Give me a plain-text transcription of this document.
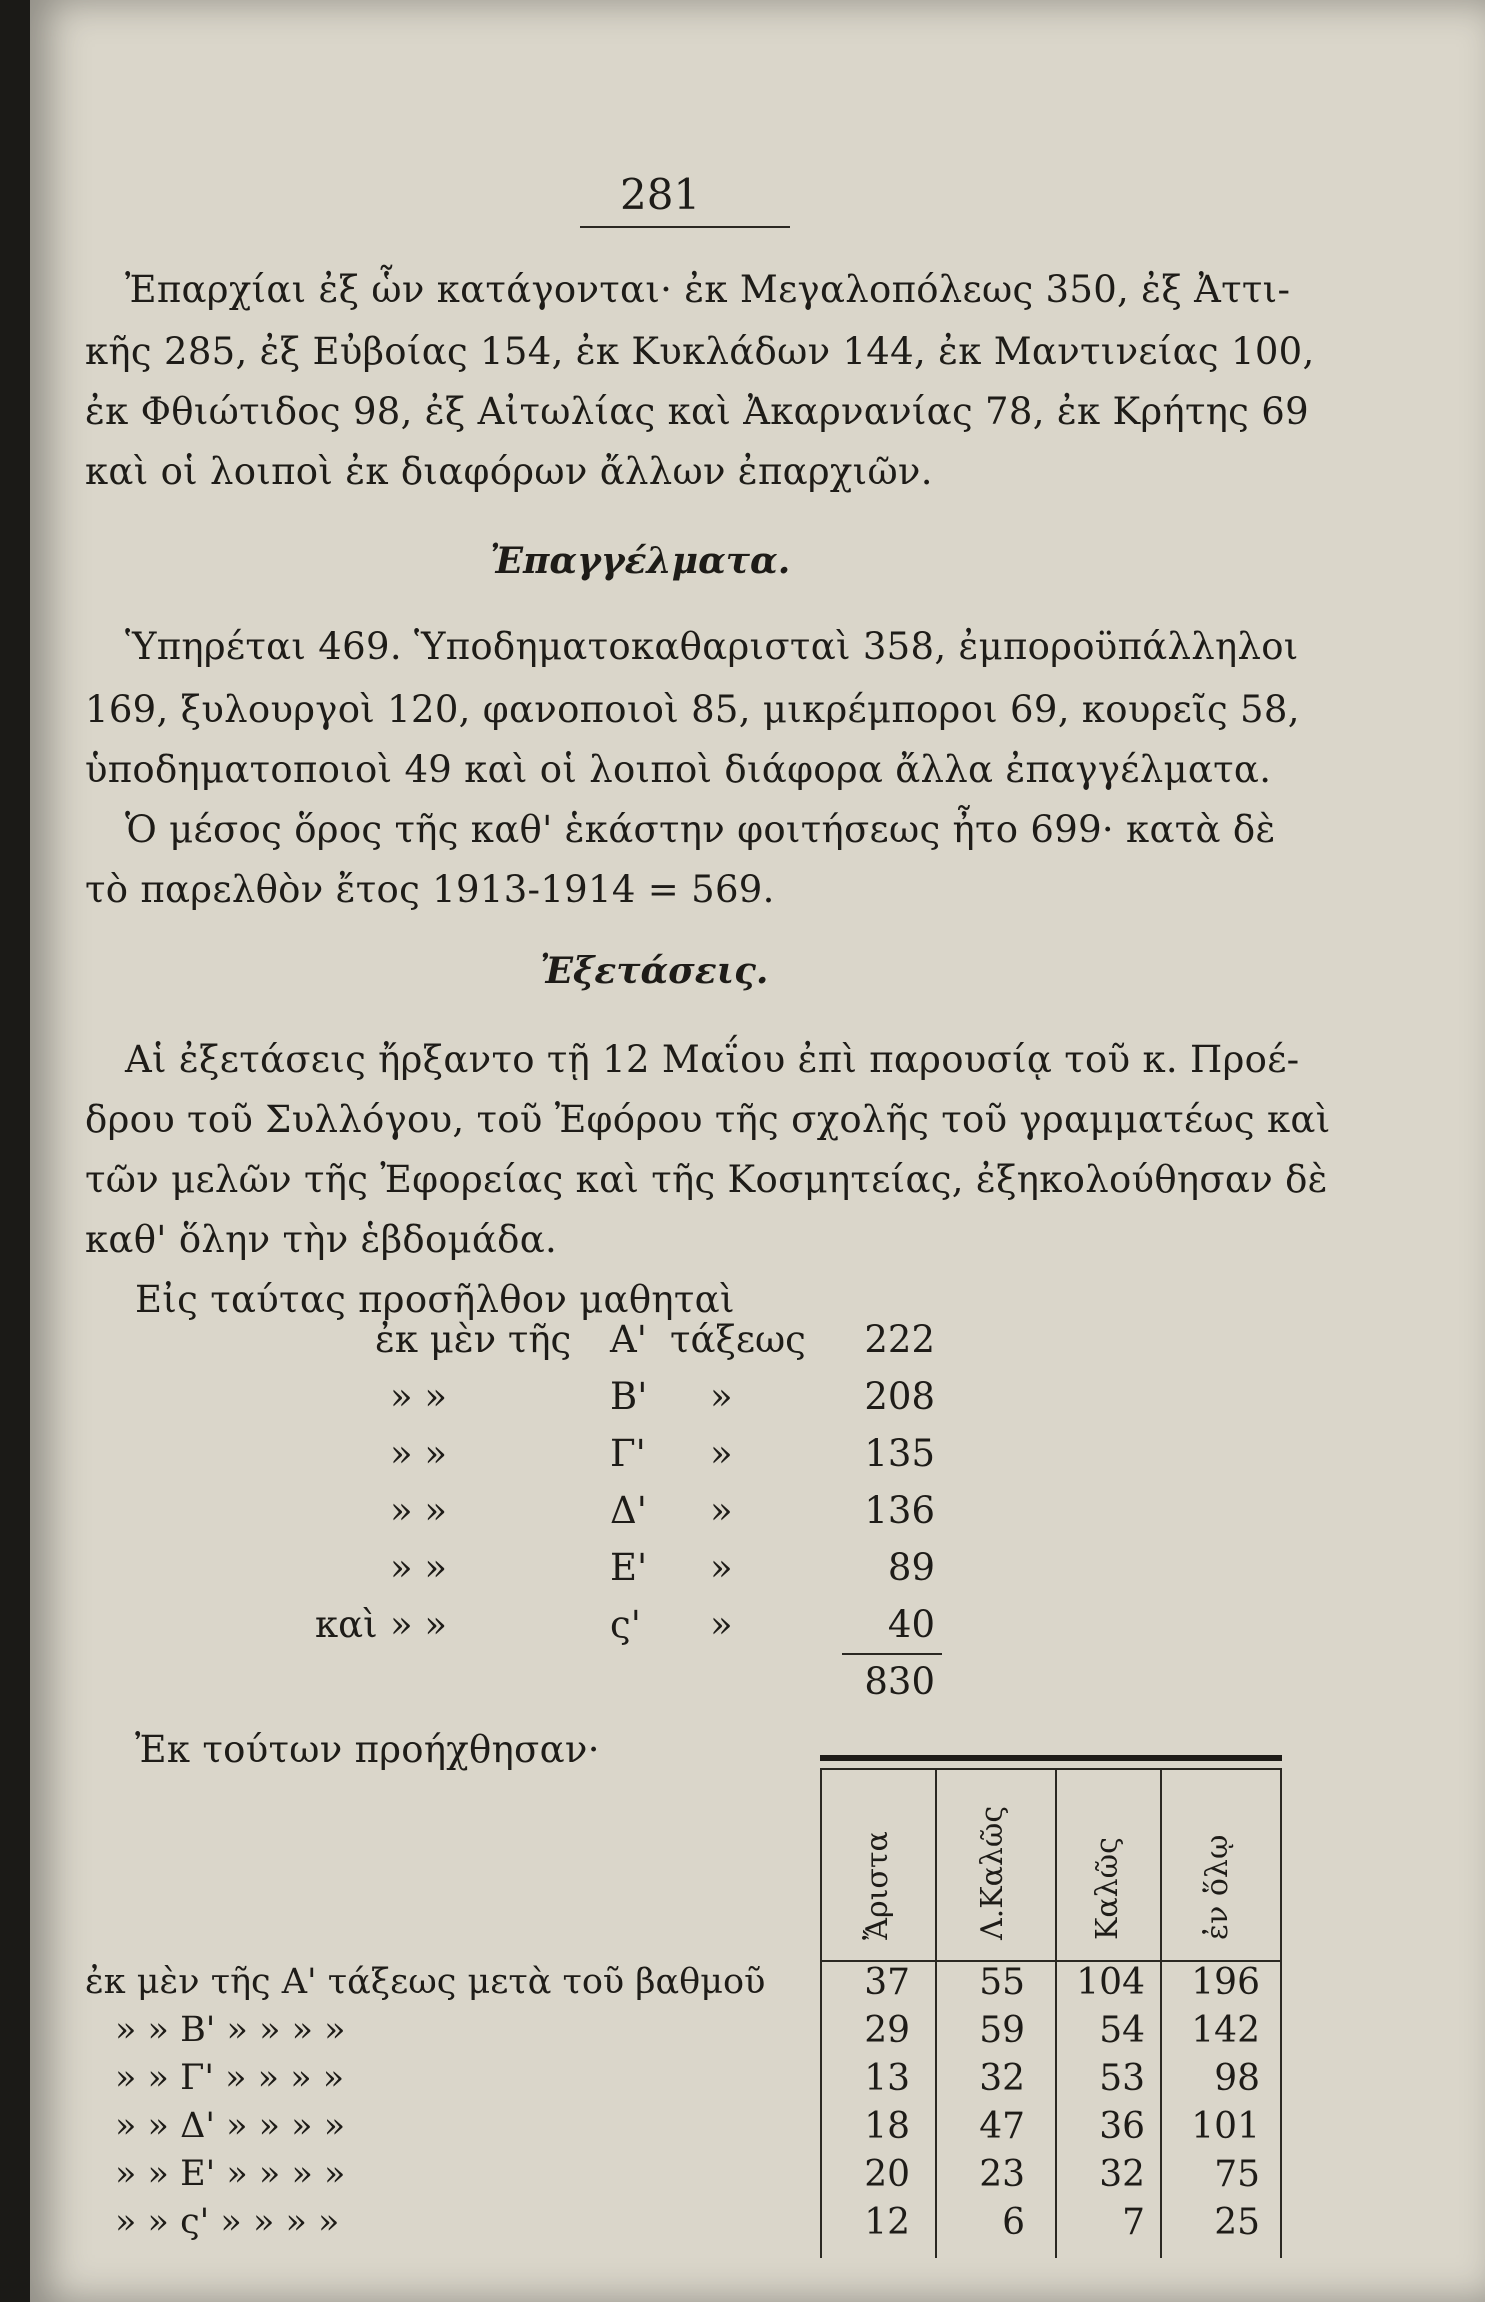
281
Ἐπαρχίαι ἐξ ὧν κατάγονται· ἐκ Μεγαλοπόλεως 350, ἐξ Ἀττι-
κῆς 285, ἐξ Εὐβοίας 154, ἐκ Κυκλάδων 144, ἐκ Μαντινείας 100,
ἐκ Φθιώτιδος 98, ἐξ Αἰτωλίας καὶ Ἀκαρνανίας 78, ἐκ Κρήτης 69
καὶ οἱ λοιποὶ ἐκ διαφόρων ἄλλων ἐπαρχιῶν.
Ἐπαγγέλματα.
Ὑπηρέται 469. Ὑποδηματοκαθαρισταὶ 358, ἐμποροϋπάλληλοι
169, ξυλουργοὶ 120, φανοποιοὶ 85, μικρέμποροι 69, κουρεῖς 58,
ὑποδηματοποιοὶ 49 καὶ οἱ λοιποὶ διάφορα ἄλλα ἐπαγγέλματα.
Ὁ μέσος ὅρος τῆς καθ' ἑκάστην φοιτήσεως ἦτο 699· κατὰ δὲ
τὸ παρελθὸν ἔτος 1913-1914 = 569.
Ἐξετάσεις.
Αἱ ἐξετάσεις ἤρξαντο τῇ 12 Μαΐου ἐπὶ παρουσίᾳ τοῦ κ. Προέ-
δρου τοῦ Συλλόγου, τοῦ Ἐφόρου τῆς σχολῆς τοῦ γραμματέως καὶ
τῶν μελῶν τῆς Ἐφορείας καὶ τῆς Κοσμητείας, ἐξηκολούθησαν δὲ
καθ' ὅλην τὴν ἑβδομάδα.
Εἰς ταύτας προσῆλθον μαθηταὶ
ἐκ μὲν τῆς Α' τάξεως	222
» »	Β' »	208
» »	Γ' »	135
» »	Δ' »	136
» »	Ε' »	89
καὶ » »	ς' »	40
830
Ἐκ τούτων προήχθησαν·
Ἄριστα	Λ.Καλῶς	Καλῶς	ἐν ὅλῳ
ἐκ μὲν τῆς Α' τάξεως μετὰ τοῦ βαθμοῦ	37	55	104	196
» » Β' » » » »	29	59	54	142
» » Γ' » » » »	13	32	53	98
» » Δ' » » » »	18	47	36	101
» » Ε' » » » »	20	23	32	75
» » ς' » » » »	12	6	7	25
